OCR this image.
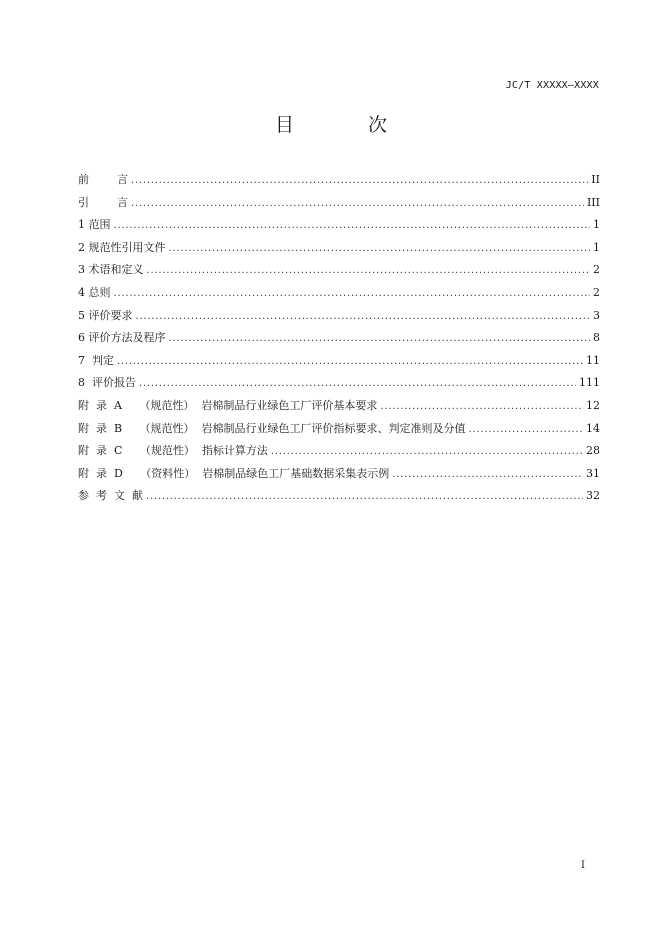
JC/T XXXXX—XXXX
目 次
前        言 . . .	II
引        言 . . .	III
1 范围 . . .	1
2 规范性引用文件 . . .	1
3 术语和定义 . . .	2
4 总则 . . .	2
5 评价要求 . . .	3
6 评价方法及程序 . . .	8
7  判定 . . .	11
8  评价报告 . . .	111
附  录  A     （规范性）  岩棉制品行业绿色工厂评价基本要求 . . .	12
附  录  B     （规范性）  岩棉制品行业绿色工厂评价指标要求、判定准则及分值 . . .	14
附  录  C     （规范性）  指标计算方法 . . .	28
附  录  D     （资料性）  岩棉制品绿色工厂基础数据采集表示例 . . .	31
参  考  文  献 . . .	32
I
